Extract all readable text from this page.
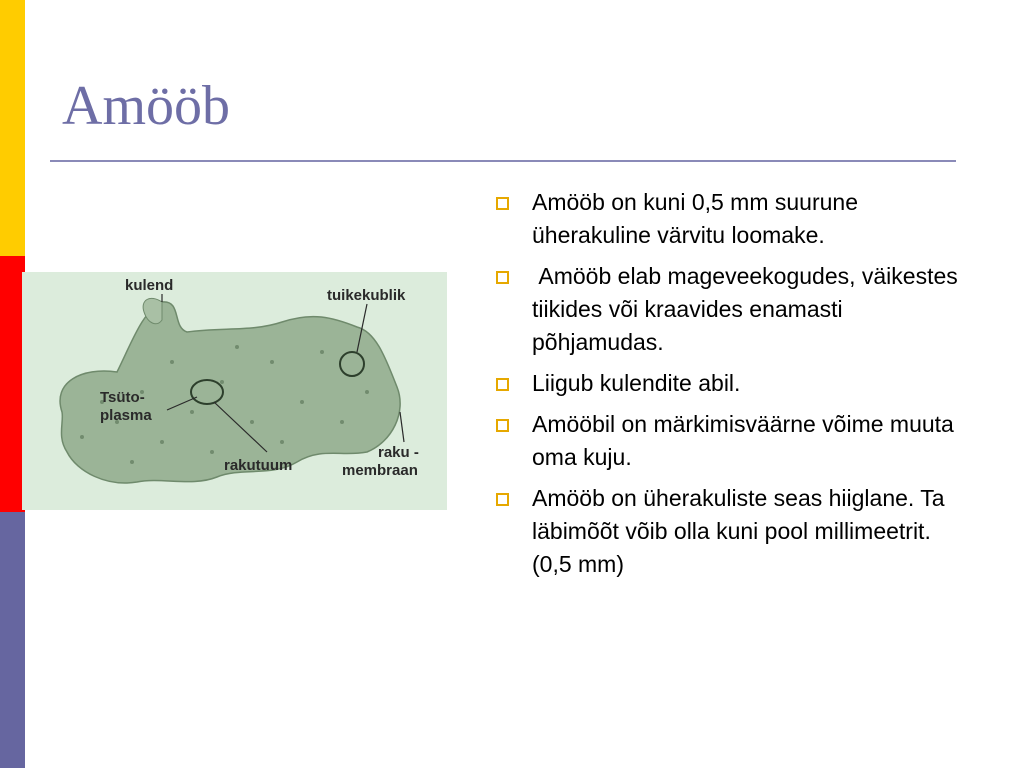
Amööb
kulend
tuikekublik
Tsüto-
plasma
rakutuum
raku -
membraan
Amööb on kuni 0,5 mm suurune üherakuline värvitu loomake.
Amööb elab mageveekogudes, väikestes tiikides või kraavides enamasti põhjamudas.
Liigub kulendite abil.
Amööbil on märkimisväärne võime muuta oma kuju.
Amööb on üherakuliste seas hiiglane. Ta läbimõõt võib olla kuni pool millimeetrit. (0,5 mm)
